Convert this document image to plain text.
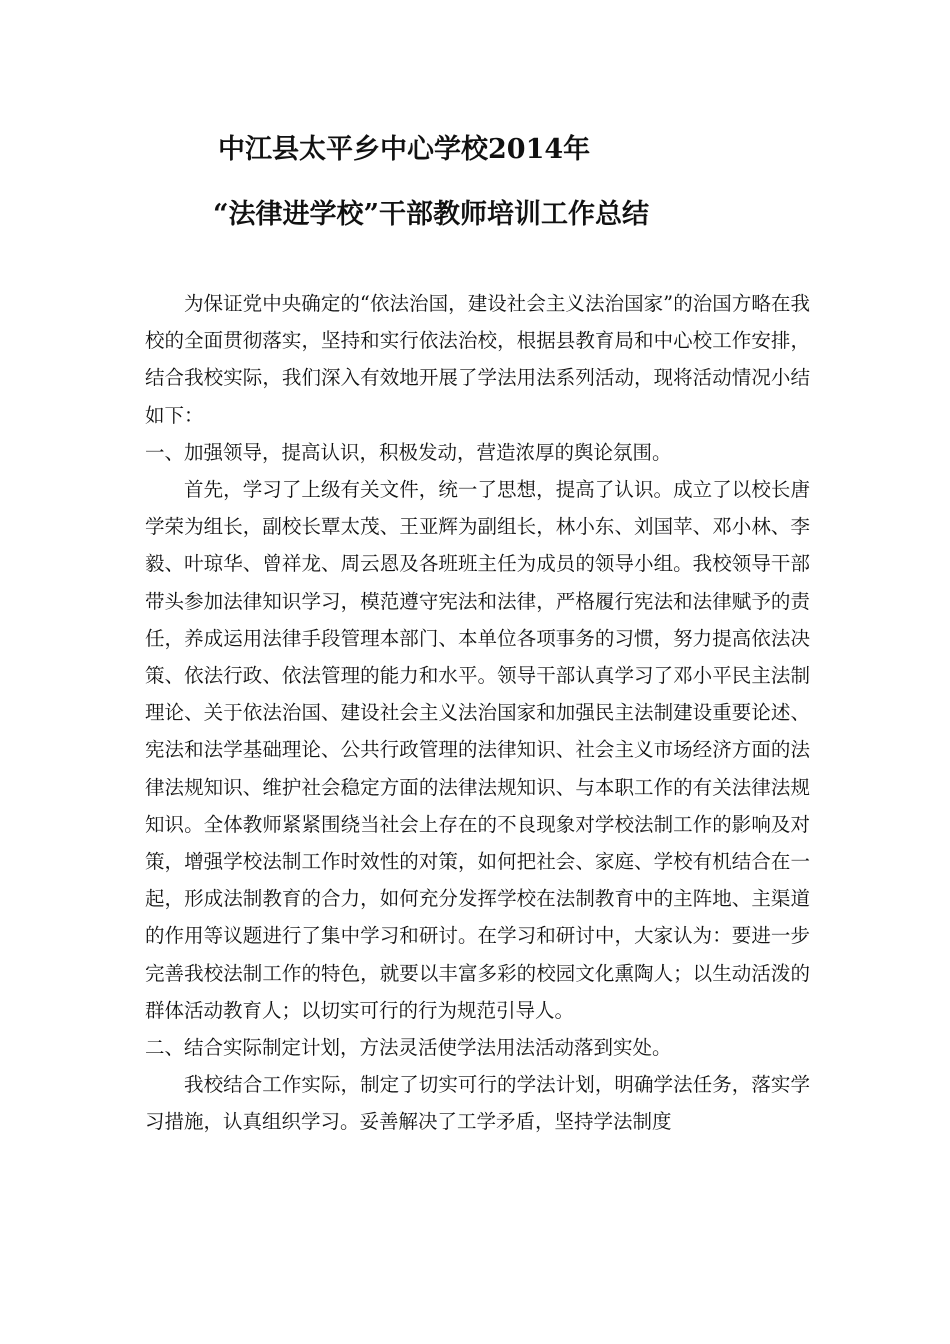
中江县太平乡中心学校2014年
“法律进学校”干部教师培训工作总结

为保证党中央确定的“依法治国，建设社会主义法治国家”的治国方略在我校的全面贯彻落实，坚持和实行依法治校，根据县教育局和中心校工作安排，结合我校实际，我们深入有效地开展了学法用法系列活动，现将活动情况小结如下：

一、加强领导，提高认识，积极发动，营造浓厚的舆论氛围。

首先，学习了上级有关文件，统一了思想，提高了认识。成立了以校长唐学荣为组长，副校长覃太茂、王亚辉为副组长，林小东、刘国苹、邓小林、李毅、叶琼华、曾祥龙、周云恩及各班班主任为成员的领导小组。我校领导干部带头参加法律知识学习，模范遵守宪法和法律，严格履行宪法和法律赋予的责任，养成运用法律手段管理本部门、本单位各项事务的习惯，努力提高依法决策、依法行政、依法管理的能力和水平。领导干部认真学习了邓小平民主法制理论、关于依法治国、建设社会主义法治国家和加强民主法制建设重要论述、宪法和法学基础理论、公共行政管理的法律知识、社会主义市场经济方面的法律法规知识、维护社会稳定方面的法律法规知识、与本职工作的有关法律法规知识。全体教师紧紧围绕当社会上存在的不良现象对学校法制工作的影响及对策，增强学校法制工作时效性的对策，如何把社会、家庭、学校有机结合在一起，形成法制教育的合力，如何充分发挥学校在法制教育中的主阵地、主渠道的作用等议题进行了集中学习和研讨。在学习和研讨中，大家认为：要进一步完善我校法制工作的特色，就要以丰富多彩的校园文化熏陶人；以生动活泼的群体活动教育人；以切实可行的行为规范引导人。

二、结合实际制定计划，方法灵活使学法用法活动落到实处。

我校结合工作实际，制定了切实可行的学法计划，明确学法任务，落实学习措施，认真组织学习。妥善解决了工学矛盾，坚持学法制度
